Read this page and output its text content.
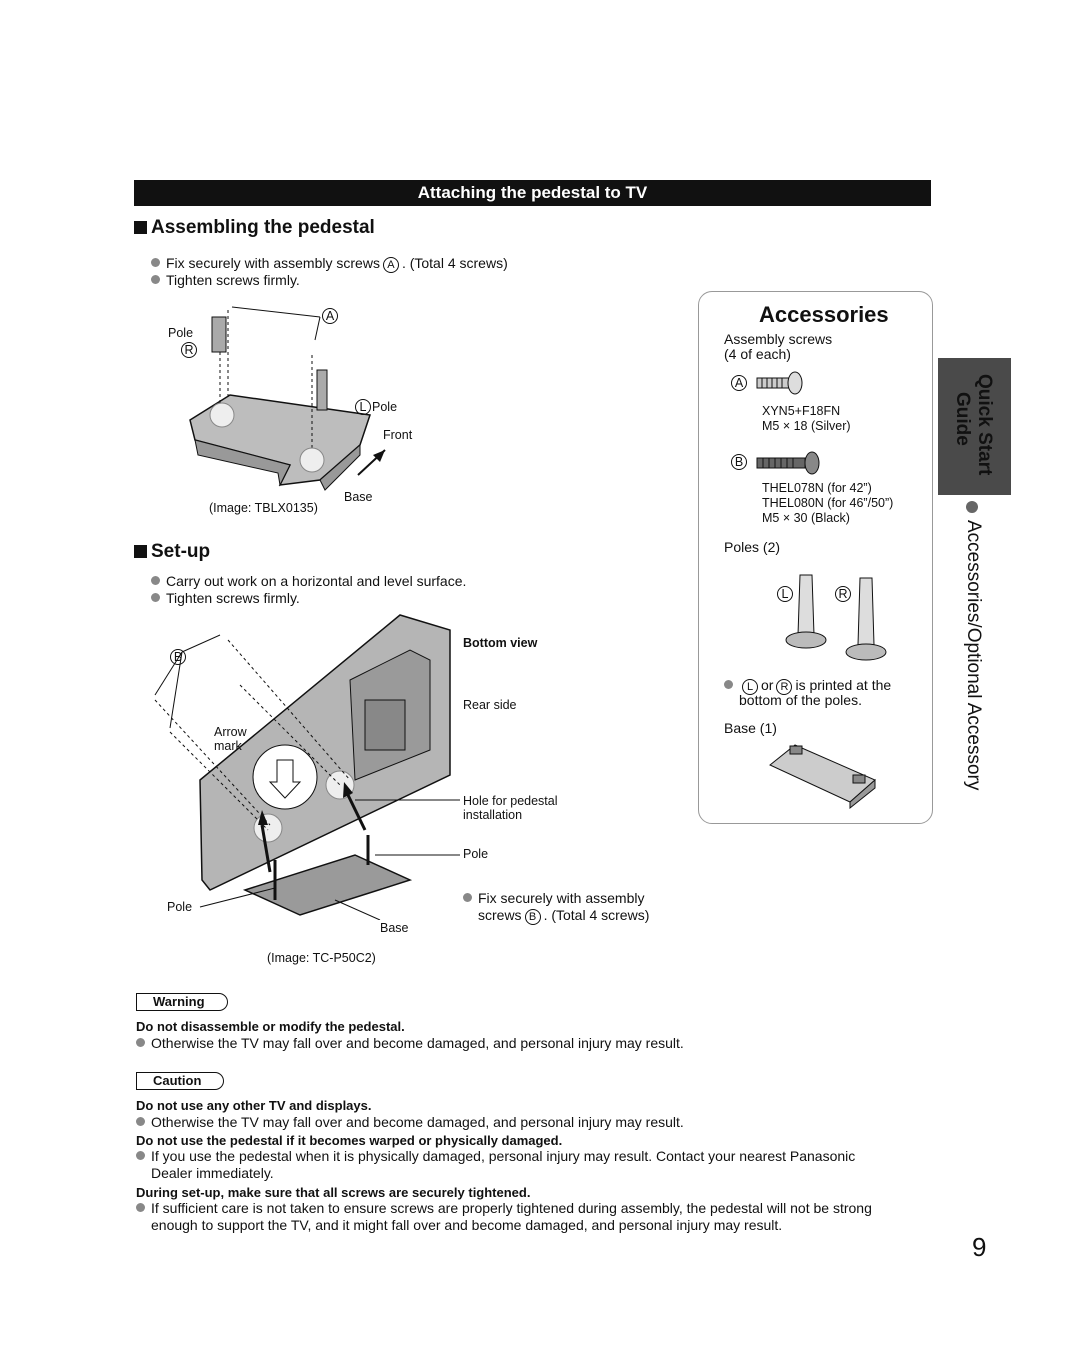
Attaching the pedestal to TV
Assembling the pedestal
Fix securely with assembly screws A . (Total 4 screws)
Tighten screws firmly.
Pole
R
A
L Pole
Front
Base
(Image: TBLX0135)
Set-up
Carry out work on a horizontal and level surface.
Tighten screws firmly.
Bottom view
B
Rear side
Arrow
mark
Hole for pedestal
installation
Pole
Pole
Base
Fix securely with assembly
screws B . (Total 4 screws)
(Image: TC-P50C2)
Accessories
Assembly screws
(4 of each)
A
XYN5+F18FN
M5 × 18 (Silver)
B
THEL078N (for 42”)
THEL080N (for 46”/50”)
M5 × 30 (Black)
Poles (2)
L	R
L or R is printed at the
bottom of the poles.
Base (1)
Quick Start
Guide
Accessories/Optional Accessory
Warning
Do not disassemble or modify the pedestal.
Otherwise the TV may fall over and become damaged, and personal injury may result.
Caution
Do not use any other TV and displays.
Otherwise the TV may fall over and become damaged, and personal injury may result.
Do not use the pedestal if it becomes warped or physically damaged.
If you use the pedestal when it is physically damaged, personal injury may result. Contact your nearest Panasonic
Dealer immediately.
During set-up, make sure that all screws are securely tightened.
If sufficient care is not taken to ensure screws are properly tightened during assembly, the pedestal will not be strong
enough to support the TV, and it might fall over and become damaged, and personal injury may result.
9
